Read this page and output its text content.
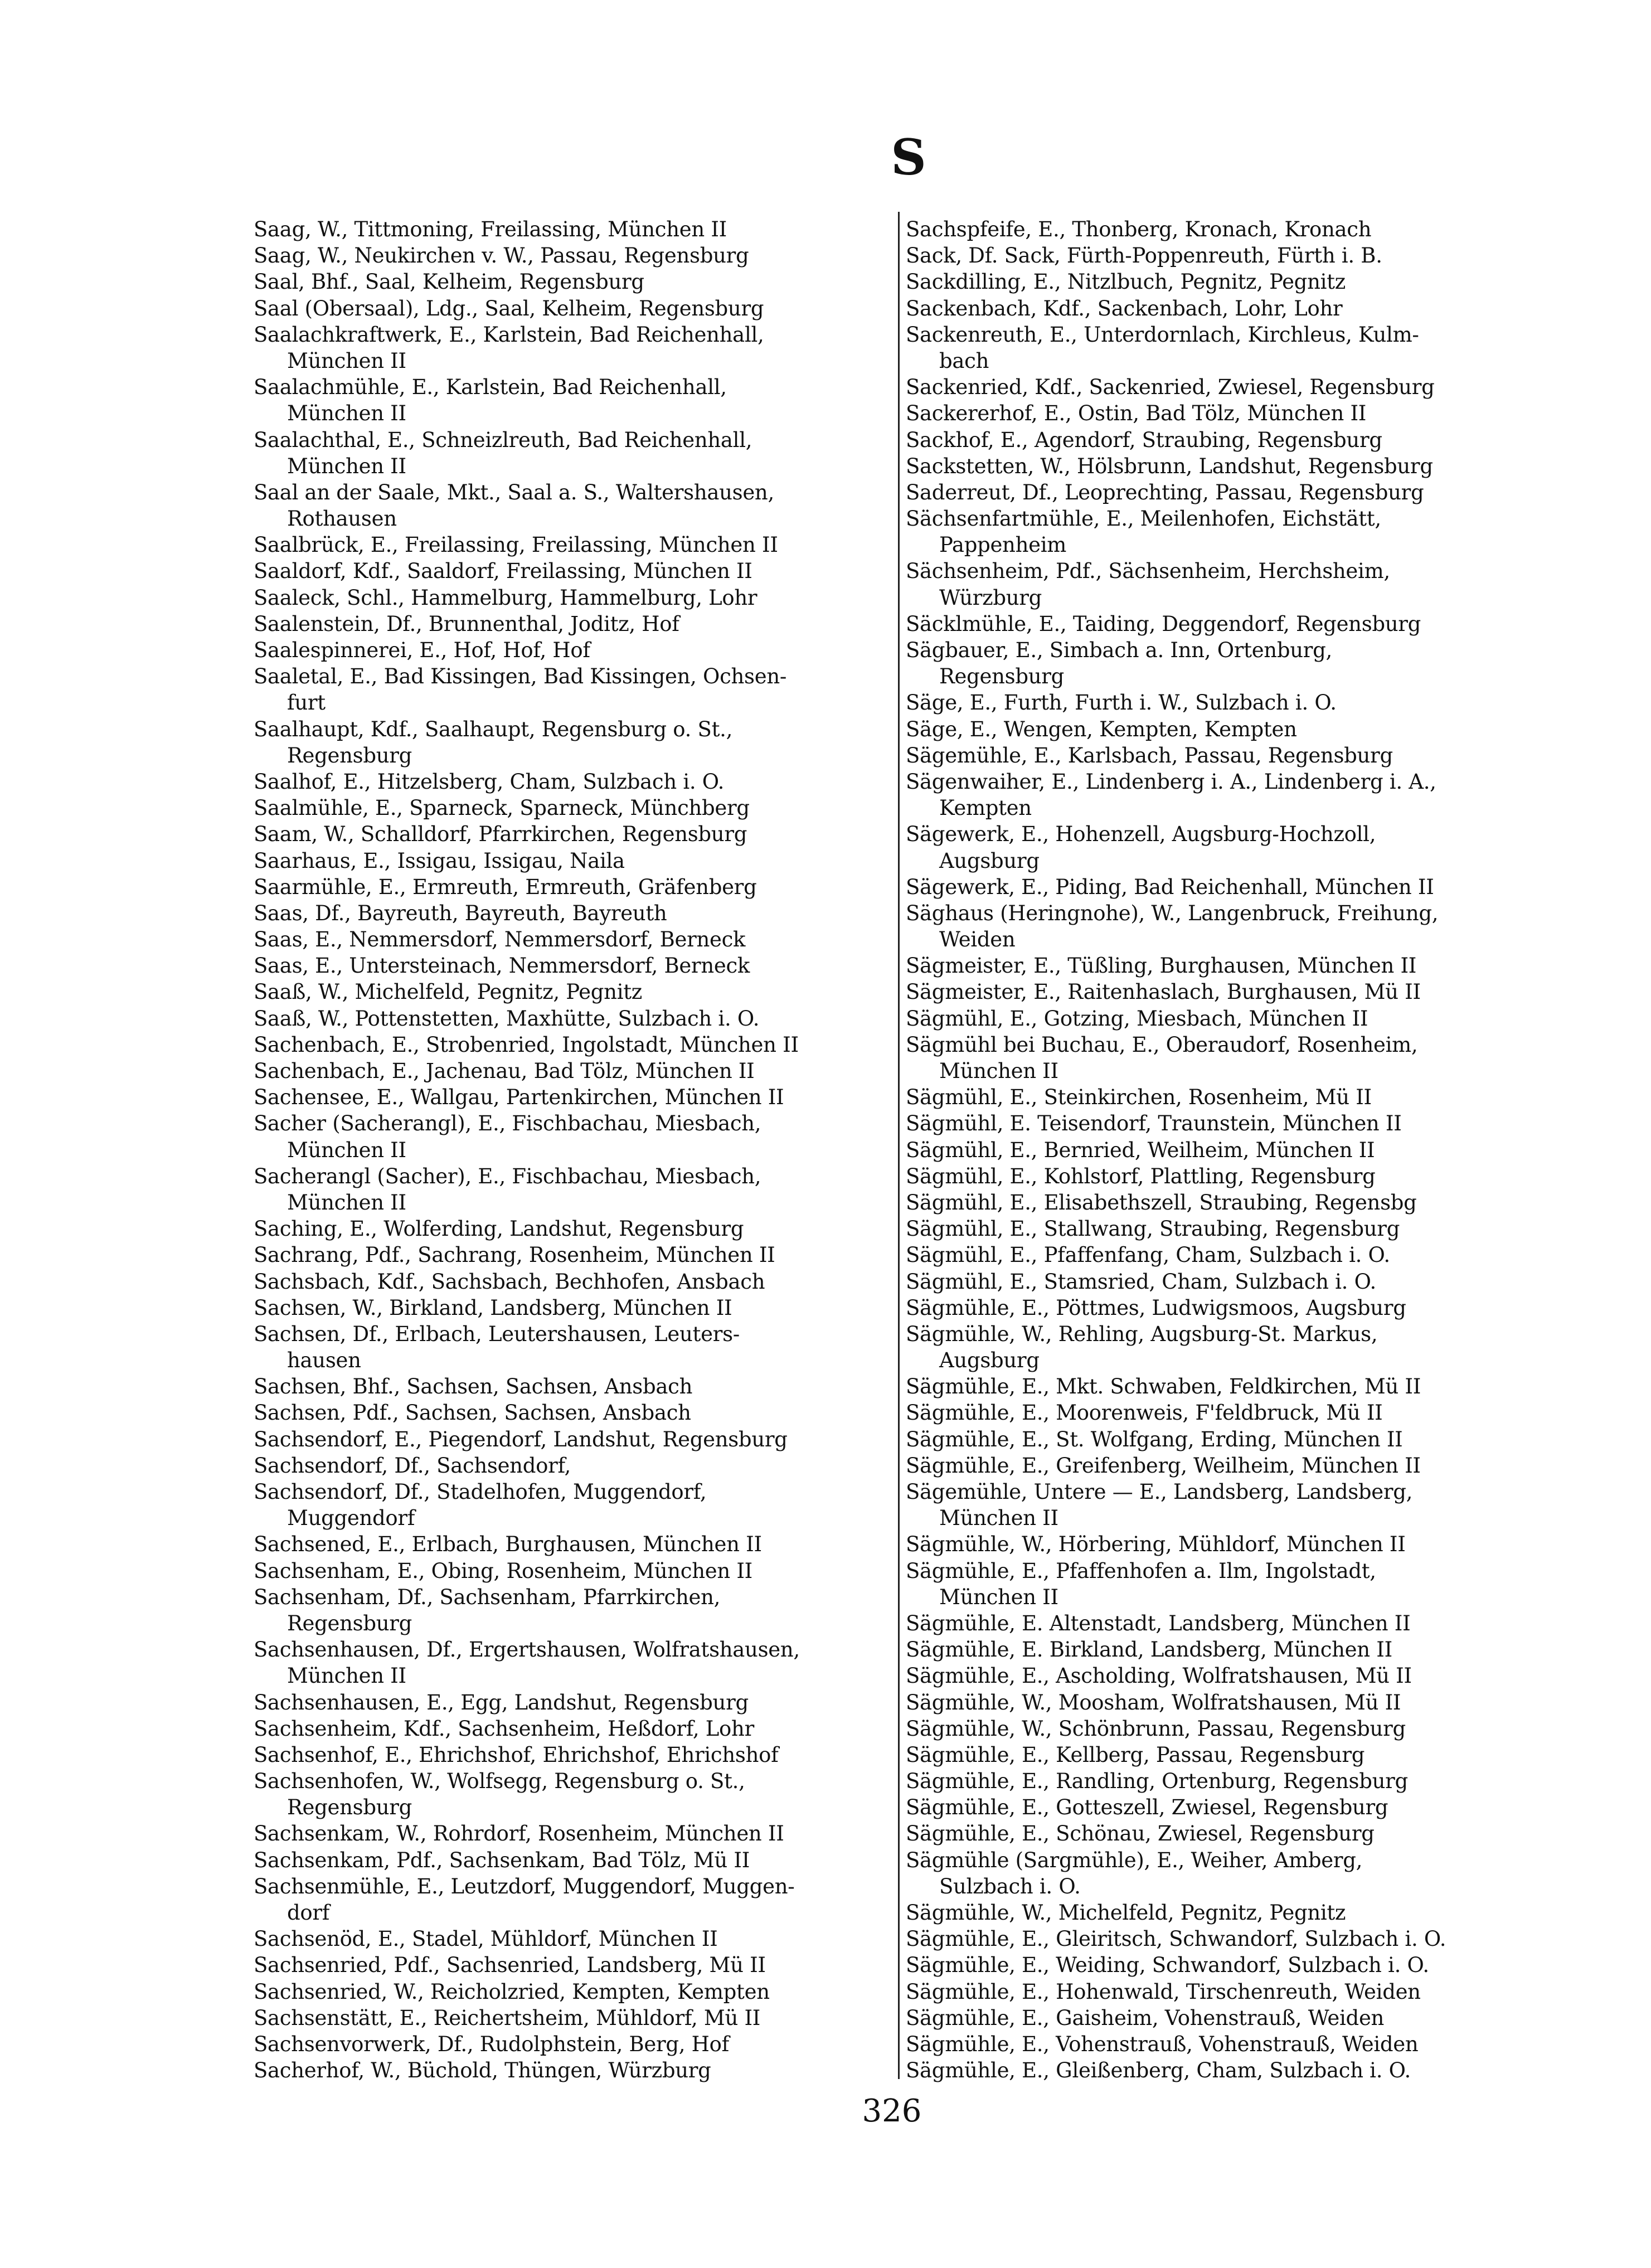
S
Saag, W., Tittmoning, Freilassing, München II
Saag, W., Neukirchen v. W., Passau, Regensburg
Saal, Bhf., Saal, Kelheim, Regensburg
Saal (Obersaal), Ldg., Saal, Kelheim, Regensburg
Saalachkraftwerk, E., Karlstein, Bad Reichenhall,
München II
Saalachmühle, E., Karlstein, Bad Reichenhall,
München II
Saalachthal, E., Schneizlreuth, Bad Reichenhall,
München II
Saal an der Saale, Mkt., Saal a. S., Waltershausen,
Rothausen
Saalbrück, E., Freilassing, Freilassing, München II
Saaldorf, Kdf., Saaldorf, Freilassing, München II
Saaleck, Schl., Hammelburg, Hammelburg, Lohr
Saalenstein, Df., Brunnenthal, Joditz, Hof
Saalespinnerei, E., Hof, Hof, Hof
Saaletal, E., Bad Kissingen, Bad Kissingen, Ochsen-
furt
Saalhaupt, Kdf., Saalhaupt, Regensburg o. St.,
Regensburg
Saalhof, E., Hitzelsberg, Cham, Sulzbach i. O.
Saalmühle, E., Sparneck, Sparneck, Münchberg
Saam, W., Schalldorf, Pfarrkirchen, Regensburg
Saarhaus, E., Issigau, Issigau, Naila
Saarmühle, E., Ermreuth, Ermreuth, Gräfenberg
Saas, Df., Bayreuth, Bayreuth, Bayreuth
Saas, E., Nemmersdorf, Nemmersdorf, Berneck
Saas, E., Untersteinach, Nemmersdorf, Berneck
Saaß, W., Michelfeld, Pegnitz, Pegnitz
Saaß, W., Pottenstetten, Maxhütte, Sulzbach i. O.
Sachenbach, E., Strobenried, Ingolstadt, München II
Sachenbach, E., Jachenau, Bad Tölz, München II
Sachensee, E., Wallgau, Partenkirchen, München II
Sacher (Sacherangl), E., Fischbachau, Miesbach,
München II
Sacherangl (Sacher), E., Fischbachau, Miesbach,
München II
Saching, E., Wolferding, Landshut, Regensburg
Sachrang, Pdf., Sachrang, Rosenheim, München II
Sachsbach, Kdf., Sachsbach, Bechhofen, Ansbach
Sachsen, W., Birkland, Landsberg, München II
Sachsen, Df., Erlbach, Leutershausen, Leuters-
hausen
Sachsen, Bhf., Sachsen, Sachsen, Ansbach
Sachsen, Pdf., Sachsen, Sachsen, Ansbach
Sachsendorf, E., Piegendorf, Landshut, Regensburg
Sachsendorf, Df., Sachsendorf,
Sachsendorf, Df., Stadelhofen, Muggendorf,
Muggendorf
Sachsened, E., Erlbach, Burghausen, München II
Sachsenham, E., Obing, Rosenheim, München II
Sachsenham, Df., Sachsenham, Pfarrkirchen,
Regensburg
Sachsenhausen, Df., Ergertshausen, Wolfratshausen,
München II
Sachsenhausen, E., Egg, Landshut, Regensburg
Sachsenheim, Kdf., Sachsenheim, Heßdorf, Lohr
Sachsenhof, E., Ehrichshof, Ehrichshof, Ehrichshof
Sachsenhofen, W., Wolfsegg, Regensburg o. St.,
Regensburg
Sachsenkam, W., Rohrdorf, Rosenheim, München II
Sachsenkam, Pdf., Sachsenkam, Bad Tölz, Mü II
Sachsenmühle, E., Leutzdorf, Muggendorf, Muggen-
dorf
Sachsenöd, E., Stadel, Mühldorf, München II
Sachsenried, Pdf., Sachsenried, Landsberg, Mü II
Sachsenried, W., Reicholzried, Kempten, Kempten
Sachsenstätt, E., Reichertsheim, Mühldorf, Mü II
Sachsenvorwerk, Df., Rudolphstein, Berg, Hof
Sacherhof, W., Büchold, Thüngen, Würzburg
Sachspfeife, E., Thonberg, Kronach, Kronach
Sack, Df. Sack, Fürth-Poppenreuth, Fürth i. B.
Sackdilling, E., Nitzlbuch, Pegnitz, Pegnitz
Sackenbach, Kdf., Sackenbach, Lohr, Lohr
Sackenreuth, E., Unterdornlach, Kirchleus, Kulm-
bach
Sackenried, Kdf., Sackenried, Zwiesel, Regensburg
Sackererhof, E., Ostin, Bad Tölz, München II
Sackhof, E., Agendorf, Straubing, Regensburg
Sackstetten, W., Hölsbrunn, Landshut, Regensburg
Saderreut, Df., Leoprechting, Passau, Regensburg
Sächsenfartmühle, E., Meilenhofen, Eichstätt,
Pappenheim
Sächsenheim, Pdf., Sächsenheim, Herchsheim,
Würzburg
Säcklmühle, E., Taiding, Deggendorf, Regensburg
Sägbauer, E., Simbach a. Inn, Ortenburg,
Regensburg
Säge, E., Furth, Furth i. W., Sulzbach i. O.
Säge, E., Wengen, Kempten, Kempten
Sägemühle, E., Karlsbach, Passau, Regensburg
Sägenwaiher, E., Lindenberg i. A., Lindenberg i. A.,
Kempten
Sägewerk, E., Hohenzell, Augsburg-Hochzoll,
Augsburg
Sägewerk, E., Piding, Bad Reichenhall, München II
Säghaus (Heringnohe), W., Langenbruck, Freihung,
Weiden
Sägmeister, E., Tüßling, Burghausen, München II
Sägmeister, E., Raitenhaslach, Burghausen, Mü II
Sägmühl, E., Gotzing, Miesbach, München II
Sägmühl bei Buchau, E., Oberaudorf, Rosenheim,
München II
Sägmühl, E., Steinkirchen, Rosenheim, Mü II
Sägmühl, E. Teisendorf, Traunstein, München II
Sägmühl, E., Bernried, Weilheim, München II
Sägmühl, E., Kohlstorf, Plattling, Regensburg
Sägmühl, E., Elisabethszell, Straubing, Regensbg
Sägmühl, E., Stallwang, Straubing, Regensburg
Sägmühl, E., Pfaffenfang, Cham, Sulzbach i. O.
Sägmühl, E., Stamsried, Cham, Sulzbach i. O.
Sägmühle, E., Pöttmes, Ludwigsmoos, Augsburg
Sägmühle, W., Rehling, Augsburg-St. Markus,
Augsburg
Sägmühle, E., Mkt. Schwaben, Feldkirchen, Mü II
Sägmühle, E., Moorenweis, F'feldbruck, Mü II
Sägmühle, E., St. Wolfgang, Erding, München II
Sägmühle, E., Greifenberg, Weilheim, München II
Sägemühle, Untere — E., Landsberg, Landsberg,
München II
Sägmühle, W., Hörbering, Mühldorf, München II
Sägmühle, E., Pfaffenhofen a. Ilm, Ingolstadt,
München II
Sägmühle, E. Altenstadt, Landsberg, München II
Sägmühle, E. Birkland, Landsberg, München II
Sägmühle, E., Ascholding, Wolfratshausen, Mü II
Sägmühle, W., Moosham, Wolfratshausen, Mü II
Sägmühle, W., Schönbrunn, Passau, Regensburg
Sägmühle, E., Kellberg, Passau, Regensburg
Sägmühle, E., Randling, Ortenburg, Regensburg
Sägmühle, E., Gotteszell, Zwiesel, Regensburg
Sägmühle, E., Schönau, Zwiesel, Regensburg
Sägmühle (Sargmühle), E., Weiher, Amberg,
Sulzbach i. O.
Sägmühle, W., Michelfeld, Pegnitz, Pegnitz
Sägmühle, E., Gleiritsch, Schwandorf, Sulzbach i. O.
Sägmühle, E., Weiding, Schwandorf, Sulzbach i. O.
Sägmühle, E., Hohenwald, Tirschenreuth, Weiden
Sägmühle, E., Gaisheim, Vohenstrauß, Weiden
Sägmühle, E., Vohenstrauß, Vohenstrauß, Weiden
Sägmühle, E., Gleißenberg, Cham, Sulzbach i. O.
326
